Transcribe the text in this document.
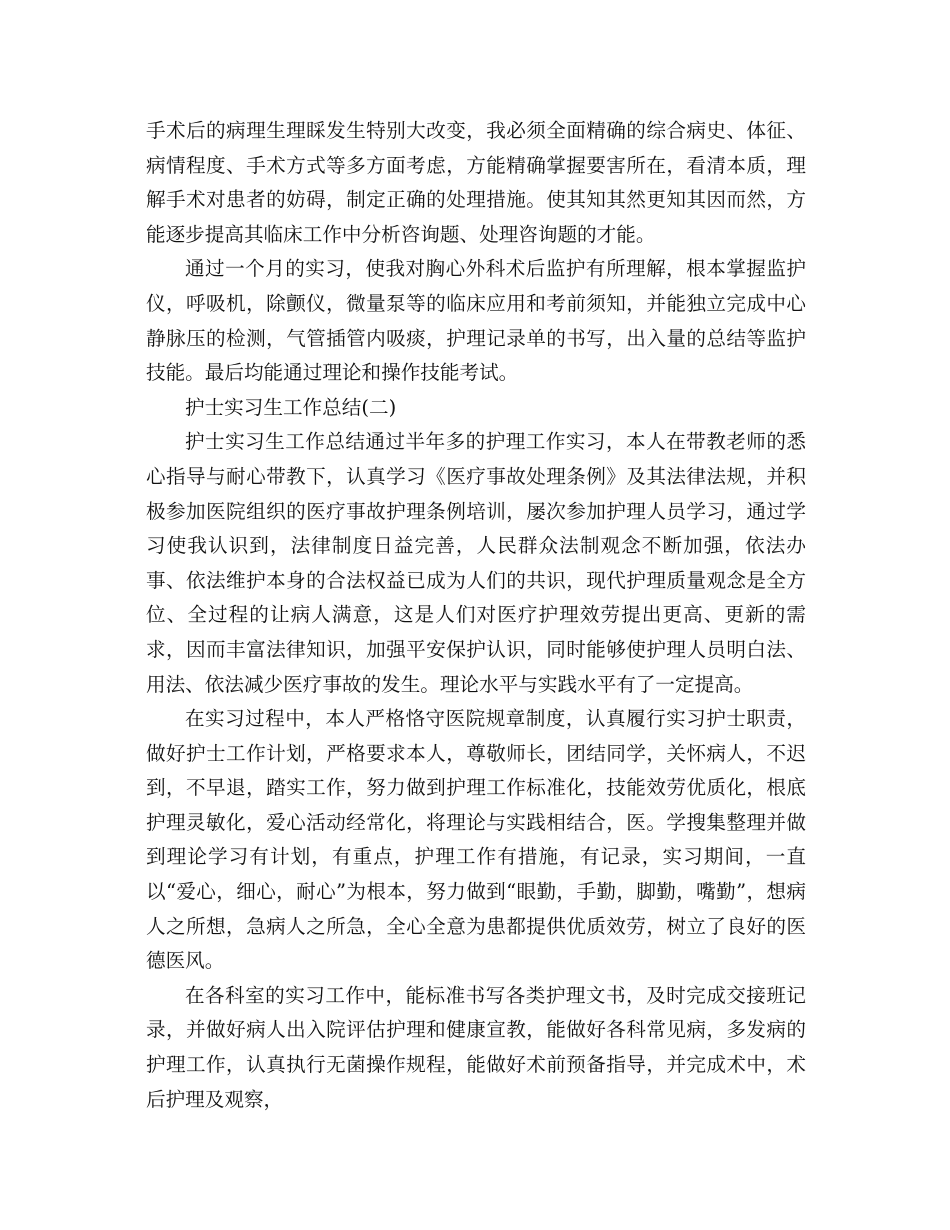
手术后的病理生理睬发生特别大改变，我必须全面精确的综合病史、体征、病情程度、手术方式等多方面考虑，方能精确掌握要害所在，看清本质，理解手术对患者的妨碍，制定正确的处理措施。使其知其然更知其因而然，方能逐步提高其临床工作中分析咨询题、处理咨询题的才能。

通过一个月的实习，使我对胸心外科术后监护有所理解，根本掌握监护仪，呼吸机，除颤仪，微量泵等的临床应用和考前须知，并能独立完成中心静脉压的检测，气管插管内吸痰，护理记录单的书写，出入量的总结等监护技能。最后均能通过理论和操作技能考试。

护士实习生工作总结(二)

护士实习生工作总结通过半年多的护理工作实习，本人在带教老师的悉心指导与耐心带教下，认真学习《医疗事故处理条例》及其法律法规，并积极参加医院组织的医疗事故护理条例培训，屡次参加护理人员学习，通过学习使我认识到，法律制度日益完善，人民群众法制观念不断加强，依法办事、依法维护本身的合法权益已成为人们的共识，现代护理质量观念是全方位、全过程的让病人满意，这是人们对医疗护理效劳提出更高、更新的需求，因而丰富法律知识，加强平安保护认识，同时能够使护理人员明白法、用法、依法减少医疗事故的发生。理论水平与实践水平有了一定提高。

在实习过程中，本人严格恪守医院规章制度，认真履行实习护士职责，做好护士工作计划，严格要求本人，尊敬师长，团结同学，关怀病人，不迟到，不早退，踏实工作，努力做到护理工作标准化，技能效劳优质化，根底护理灵敏化，爱心活动经常化，将理论与实践相结合，医。学搜集整理并做到理论学习有计划，有重点，护理工作有措施，有记录，实习期间，一直以“爱心，细心，耐心”为根本，努力做到“眼勤，手勤，脚勤，嘴勤”，想病人之所想，急病人之所急，全心全意为患都提供优质效劳，树立了良好的医德医风。

在各科室的实习工作中，能标准书写各类护理文书，及时完成交接班记录，并做好病人出入院评估护理和健康宣教，能做好各科常见病，多发病的护理工作，认真执行无菌操作规程，能做好术前预备指导，并完成术中，术后护理及观察，
